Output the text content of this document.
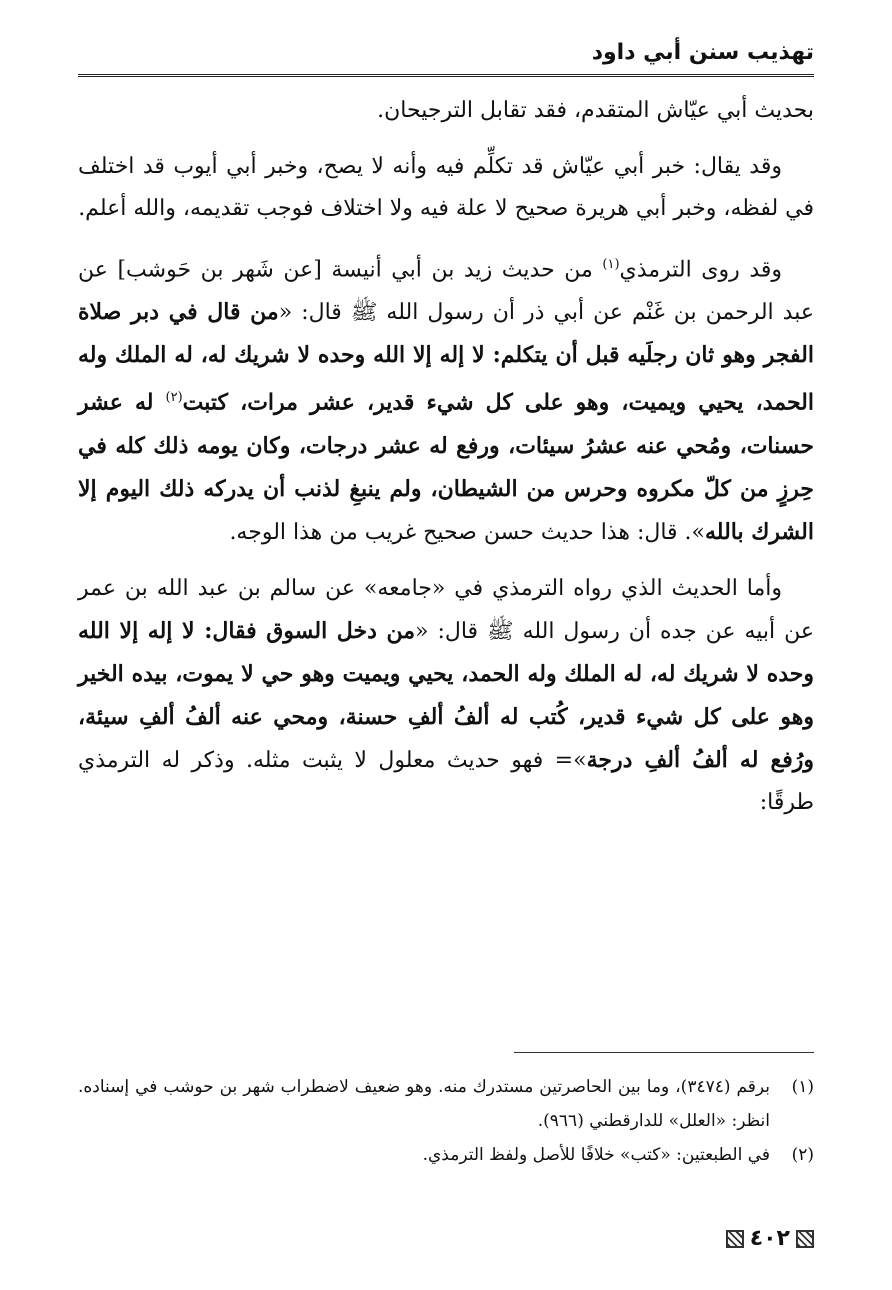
تهذيب سنن أبي داود

بحديث أبي عيّاش المتقدم، فقد تقابل الترجيحان.

وقد يقال: خبر أبي عيّاش قد تكلِّم فيه وأنه لا يصح، وخبر أبي أيوب قد اختلف في لفظه، وخبر أبي هريرة صحيح لا علة فيه ولا اختلاف فوجب تقديمه، والله أعلم.

وقد روى الترمذي$^{(١)}$ من حديث زيد بن أبي أنيسة [عن شَهر بن حَوشب] عن عبد الرحمن بن غَنْم عن أبي ذر أن رسول الله ﷺ قال: «من قال في دبر صلاة الفجر وهو ثان رجلَيه قبل أن يتكلم: لا إله إلا الله وحده لا شريك له، له الملك وله الحمد، يحيي ويميت، وهو على كل شيء قدير، عشر مرات، كتبت$^{(٢)}$ له عشر حسنات، ومُحي عنه عشرُ سيئات، ورفع له عشر درجات، وكان يومه ذلك كله في حِرزٍ من كلّ مكروه وحرس من الشيطان، ولم ينبغِ لذنب أن يدركه ذلك اليوم إلا الشرك بالله». قال: هذا حديث حسن صحيح غريب من هذا الوجه.

وأما الحديث الذي رواه الترمذي في «جامعه» عن سالم بن عبد الله بن عمر عن أبيه عن جده أن رسول الله ﷺ قال: «من دخل السوق فقال: لا إله إلا الله وحده لا شريك له، له الملك وله الحمد، يحيي ويميت وهو حي لا يموت، بيده الخير وهو على كل شيء قدير، كُتب له ألفُ ألفِ حسنة، ومحي عنه ألفُ ألفِ سيئة، ورُفع له ألفُ ألفِ درجة»= فهو حديث معلول لا يثبت مثله. وذكر له الترمذي طرقًا:

(١)
برقم (٣٤٧٤)، وما بين الحاصرتين مستدرك منه. وهو ضعيف لاضطراب شهر بن حوشب في إسناده. انظر: «العلل» للدارقطني (٩٦٦).
(٢)
في الطبعتين: «كتب» خلافًا للأصل ولفظ الترمذي.
٤٠٢
